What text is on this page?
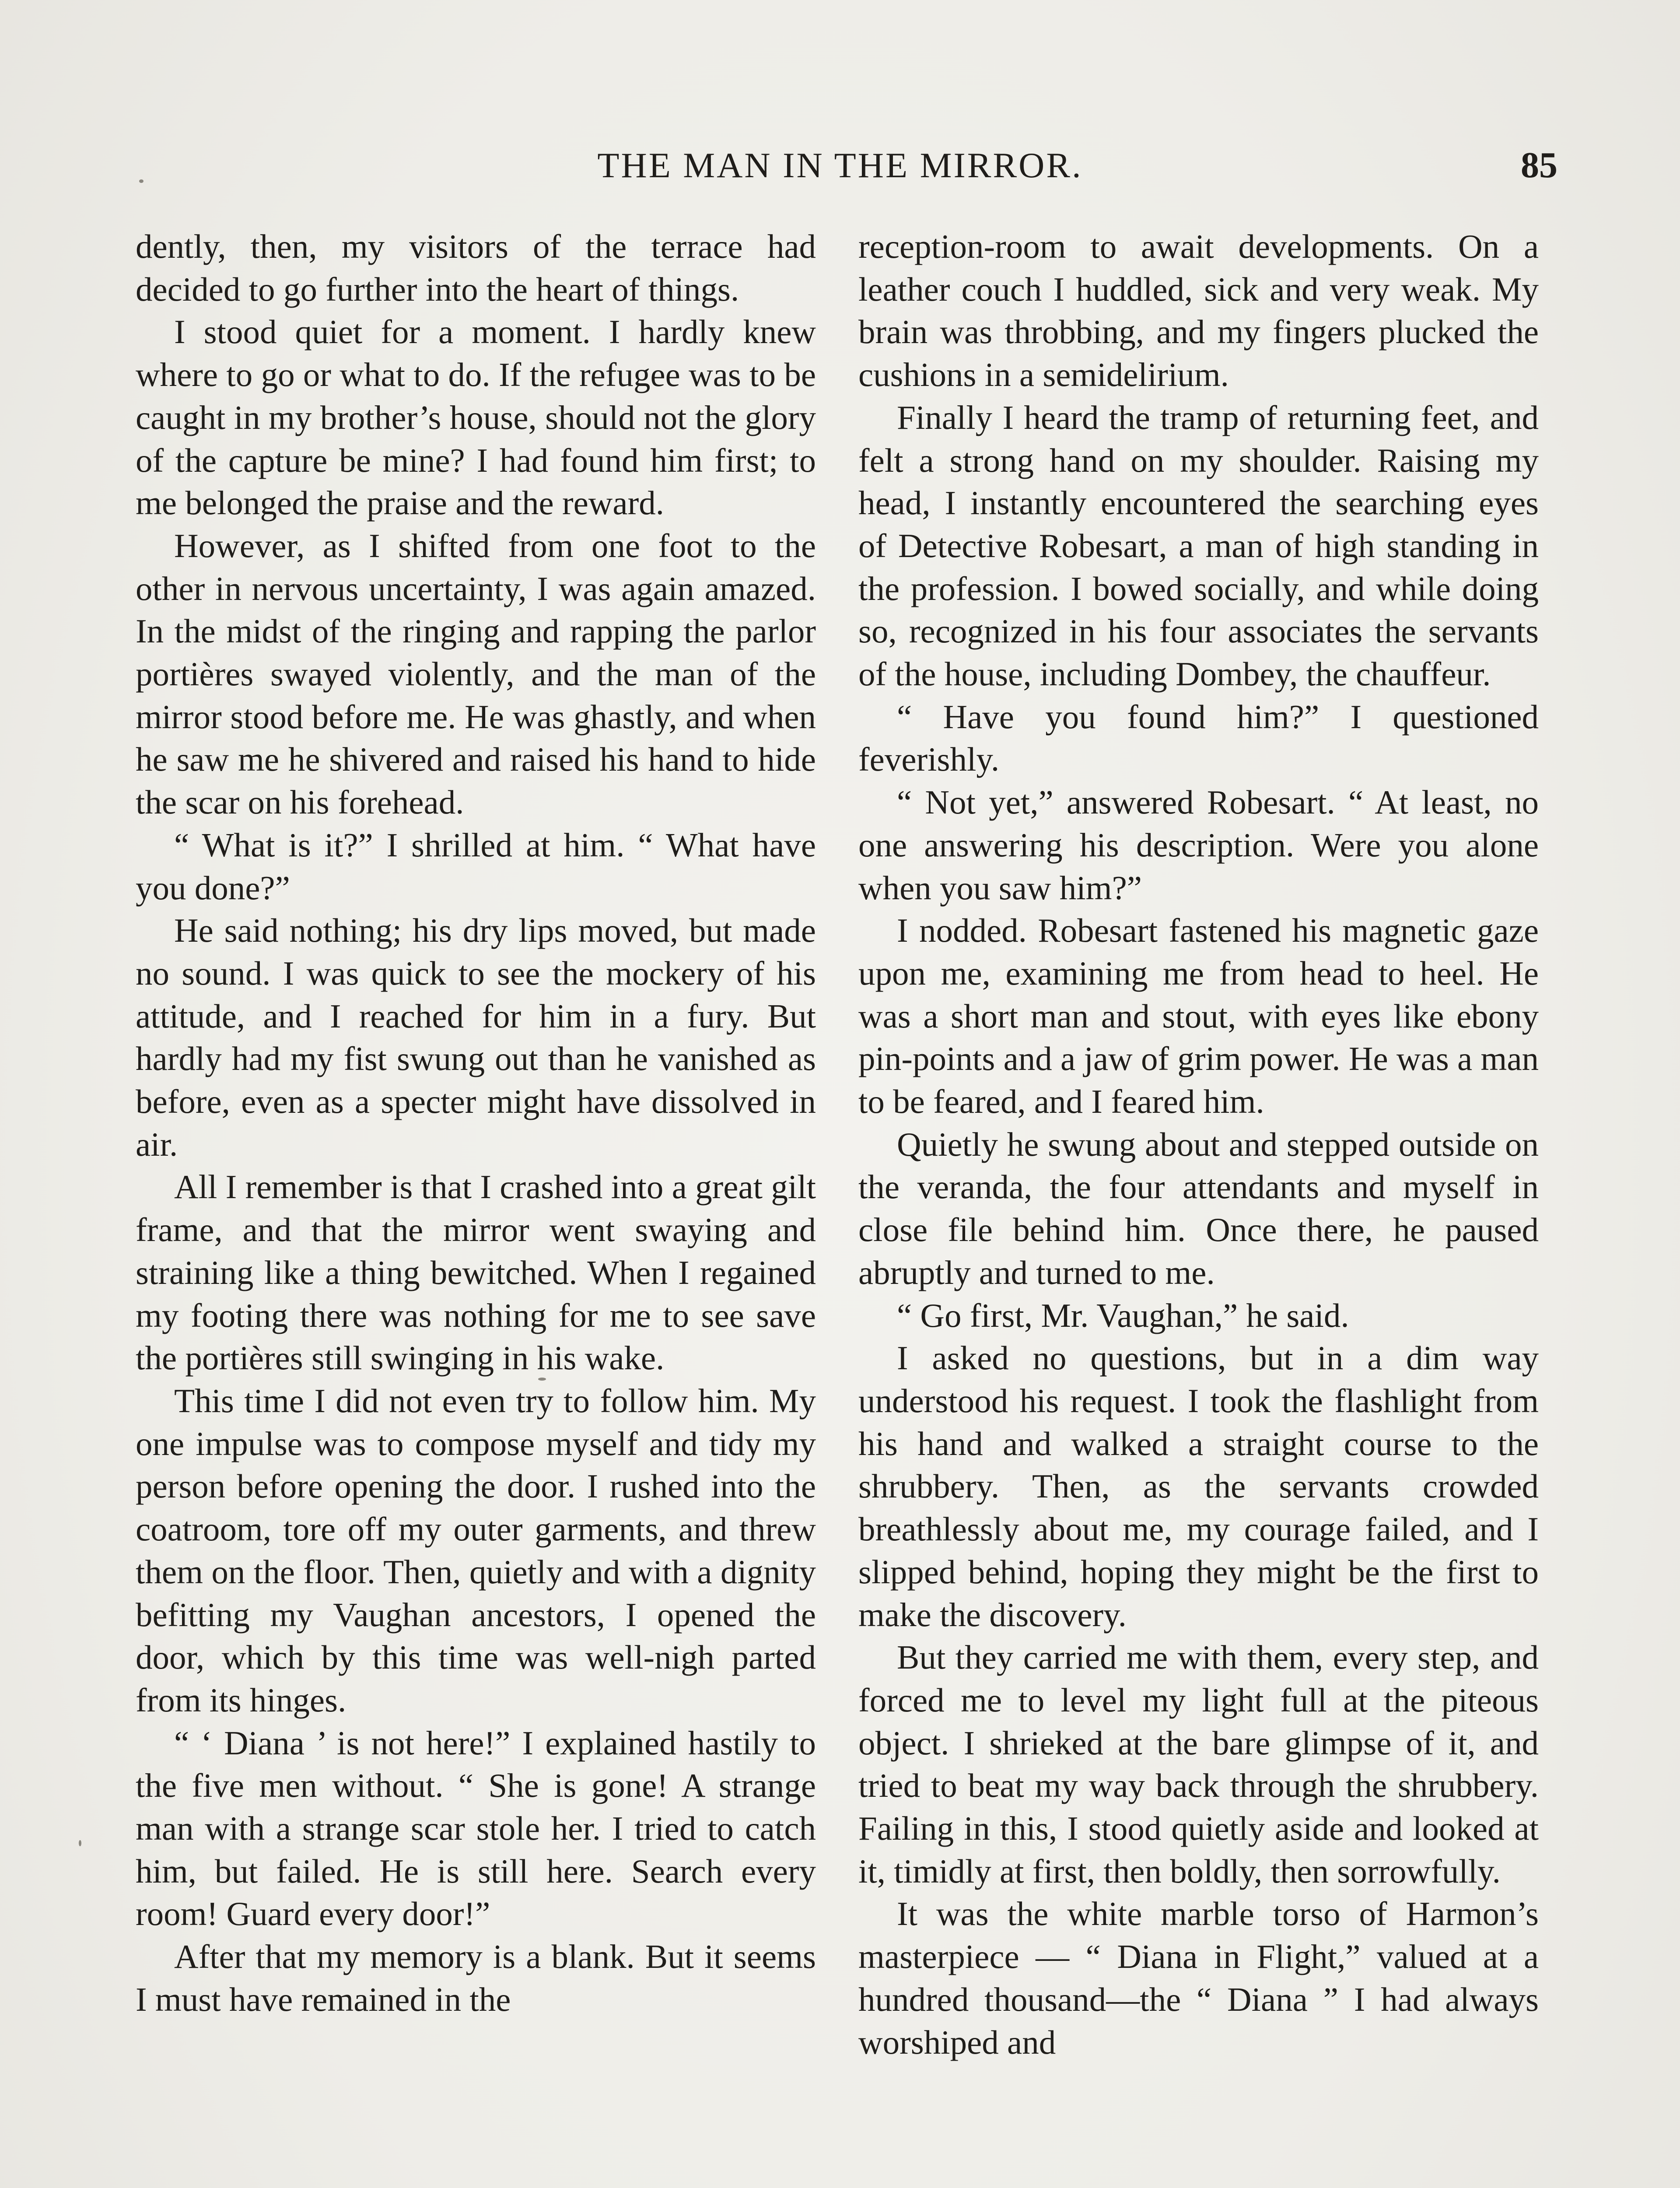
THE MAN IN THE MIRROR.	85

dently, then, my visitors of the terrace had decided to go further into the heart of things.

I stood quiet for a moment. I hardly knew where to go or what to do. If the refugee was to be caught in my brother’s house, should not the glory of the capture be mine? I had found him first; to me belonged the praise and the reward.

However, as I shifted from one foot to the other in nervous uncertainty, I was again amazed. In the midst of the ringing and rapping the parlor portières swayed violently, and the man of the mirror stood before me. He was ghastly, and when he saw me he shivered and raised his hand to hide the scar on his forehead.

“ What is it?” I shrilled at him. “ What have you done?”

He said nothing; his dry lips moved, but made no sound. I was quick to see the mockery of his attitude, and I reached for him in a fury. But hardly had my fist swung out than he vanished as before, even as a specter might have dissolved in air.

All I remember is that I crashed into a great gilt frame, and that the mirror went swaying and straining like a thing bewitched. When I regained my footing there was nothing for me to see save the portières still swinging in his wake.

This time I did not even try to follow him. My one impulse was to compose myself and tidy my person before opening the door. I rushed into the coatroom, tore off my outer garments, and threw them on the floor. Then, quietly and with a dignity befitting my Vaughan ancestors, I opened the door, which by this time was well-nigh parted from its hinges.

“ ‘ Diana ’ is not here!” I explained hastily to the five men without. “ She is gone! A strange man with a strange scar stole her. I tried to catch him, but failed. He is still here. Search every room! Guard every door!”

After that my memory is a blank. But it seems I must have remained in the

reception-room to await developments. On a leather couch I huddled, sick and very weak. My brain was throbbing, and my fingers plucked the cushions in a semidelirium.

Finally I heard the tramp of returning feet, and felt a strong hand on my shoulder. Raising my head, I instantly encountered the searching eyes of Detective Robesart, a man of high standing in the profession. I bowed socially, and while doing so, recognized in his four associates the servants of the house, including Dombey, the chauffeur.

“ Have you found him?” I questioned feverishly.

“ Not yet,” answered Robesart. “ At least, no one answering his description. Were you alone when you saw him?”

I nodded. Robesart fastened his magnetic gaze upon me, examining me from head to heel. He was a short man and stout, with eyes like ebony pin-points and a jaw of grim power. He was a man to be feared, and I feared him.

Quietly he swung about and stepped outside on the veranda, the four attendants and myself in close file behind him. Once there, he paused abruptly and turned to me.

“ Go first, Mr. Vaughan,” he said.

I asked no questions, but in a dim way understood his request. I took the flashlight from his hand and walked a straight course to the shrubbery. Then, as the servants crowded breathlessly about me, my courage failed, and I slipped behind, hoping they might be the first to make the discovery.

But they carried me with them, every step, and forced me to level my light full at the piteous object. I shrieked at the bare glimpse of it, and tried to beat my way back through the shrubbery. Failing in this, I stood quietly aside and looked at it, timidly at first, then boldly, then sorrowfully.

It was the white marble torso of Harmon’s masterpiece — “ Diana in Flight,” valued at a hundred thousand—the “ Diana ” I had always worshiped and
